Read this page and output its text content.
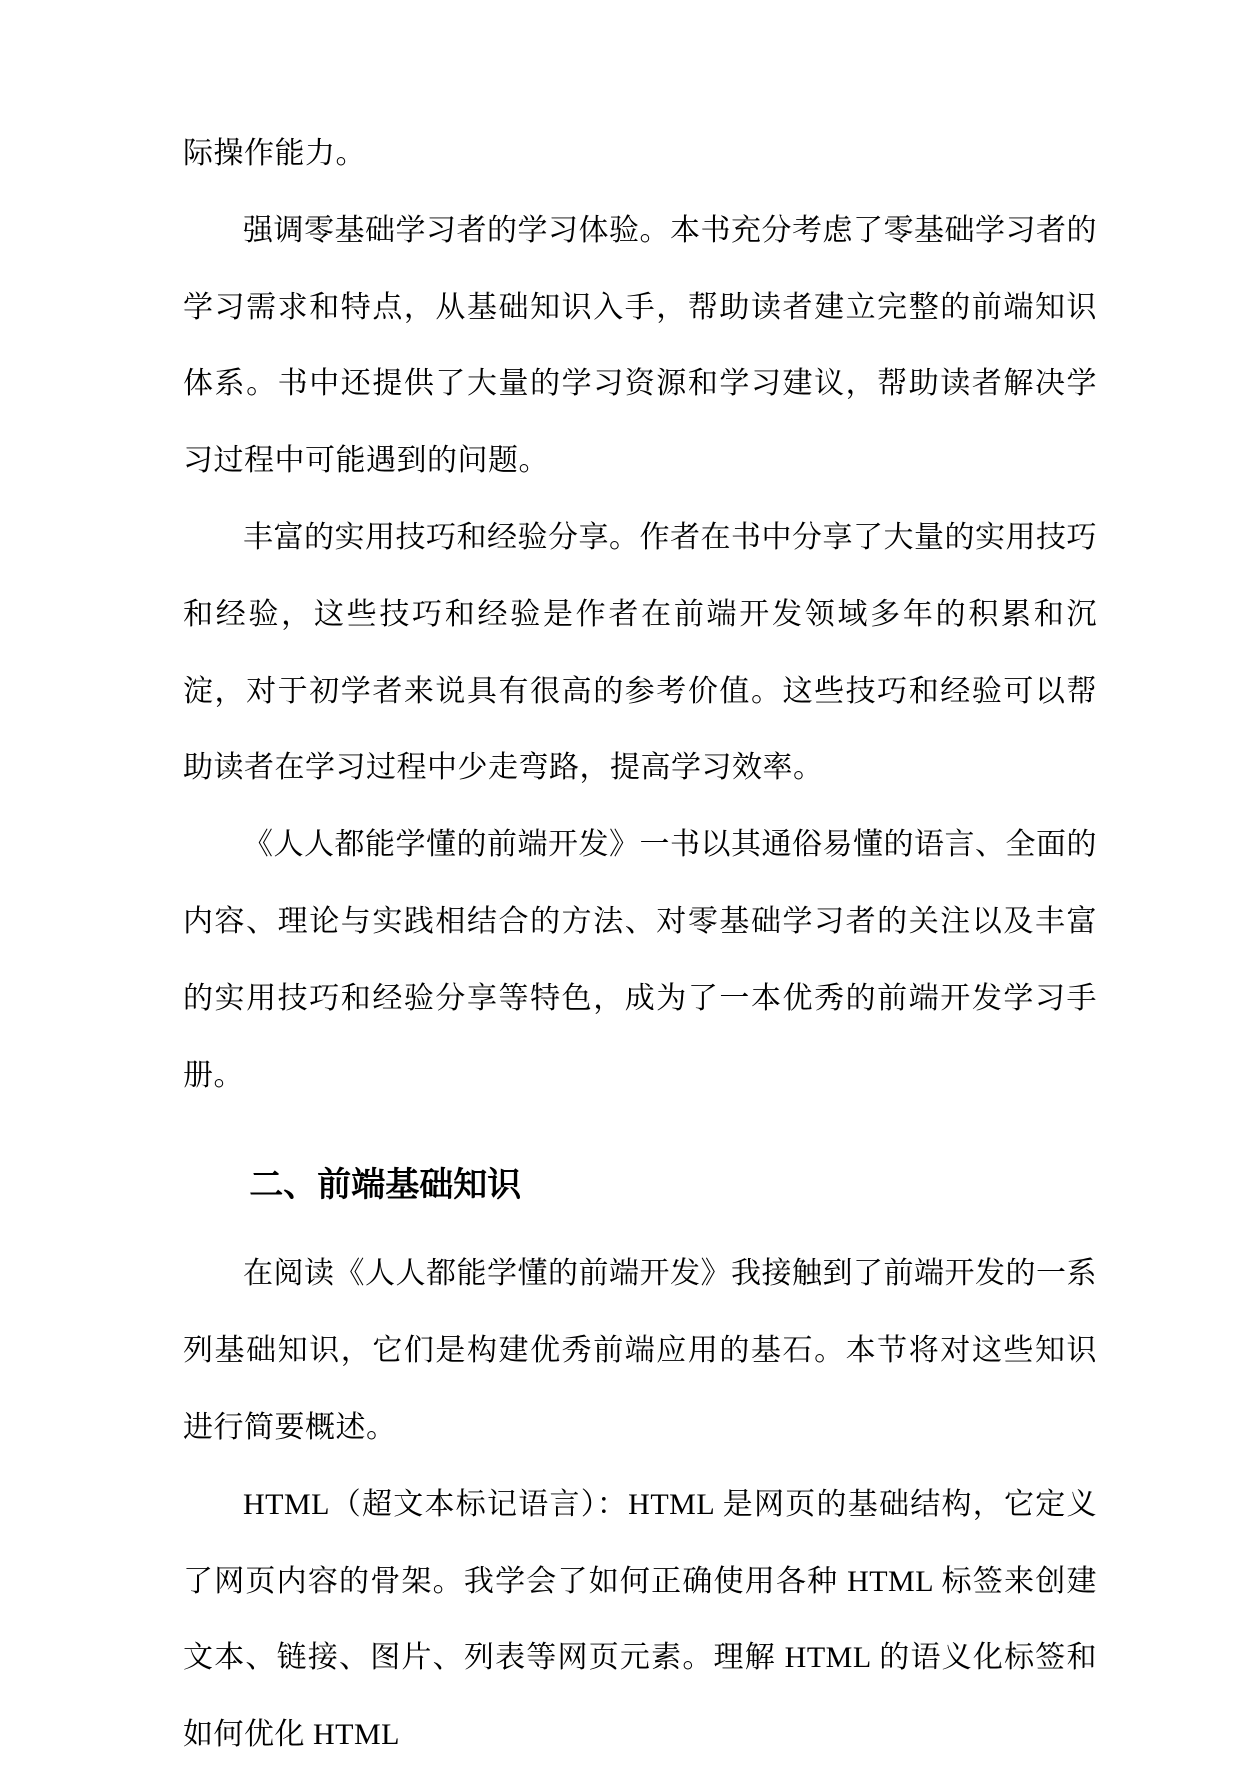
际操作能力。

强调零基础学习者的学习体验。本书充分考虑了零基础学习者的学习需求和特点，从基础知识入手，帮助读者建立完整的前端知识体系。书中还提供了大量的学习资源和学习建议，帮助读者解决学习过程中可能遇到的问题。

丰富的实用技巧和经验分享。作者在书中分享了大量的实用技巧和经验，这些技巧和经验是作者在前端开发领域多年的积累和沉淀，对于初学者来说具有很高的参考价值。这些技巧和经验可以帮助读者在学习过程中少走弯路，提高学习效率。

《人人都能学懂的前端开发》一书以其通俗易懂的语言、全面的内容、理论与实践相结合的方法、对零基础学习者的关注以及丰富的实用技巧和经验分享等特色，成为了一本优秀的前端开发学习手册。

二、前端基础知识

在阅读《人人都能学懂的前端开发》我接触到了前端开发的一系列基础知识，它们是构建优秀前端应用的基石。本节将对这些知识进行简要概述。

HTML（超文本标记语言）：HTML 是网页的基础结构，它定义了网页内容的骨架。我学会了如何正确使用各种 HTML 标签来创建文本、链接、图片、列表等网页元素。理解 HTML 的语义化标签和如何优化 HTML
